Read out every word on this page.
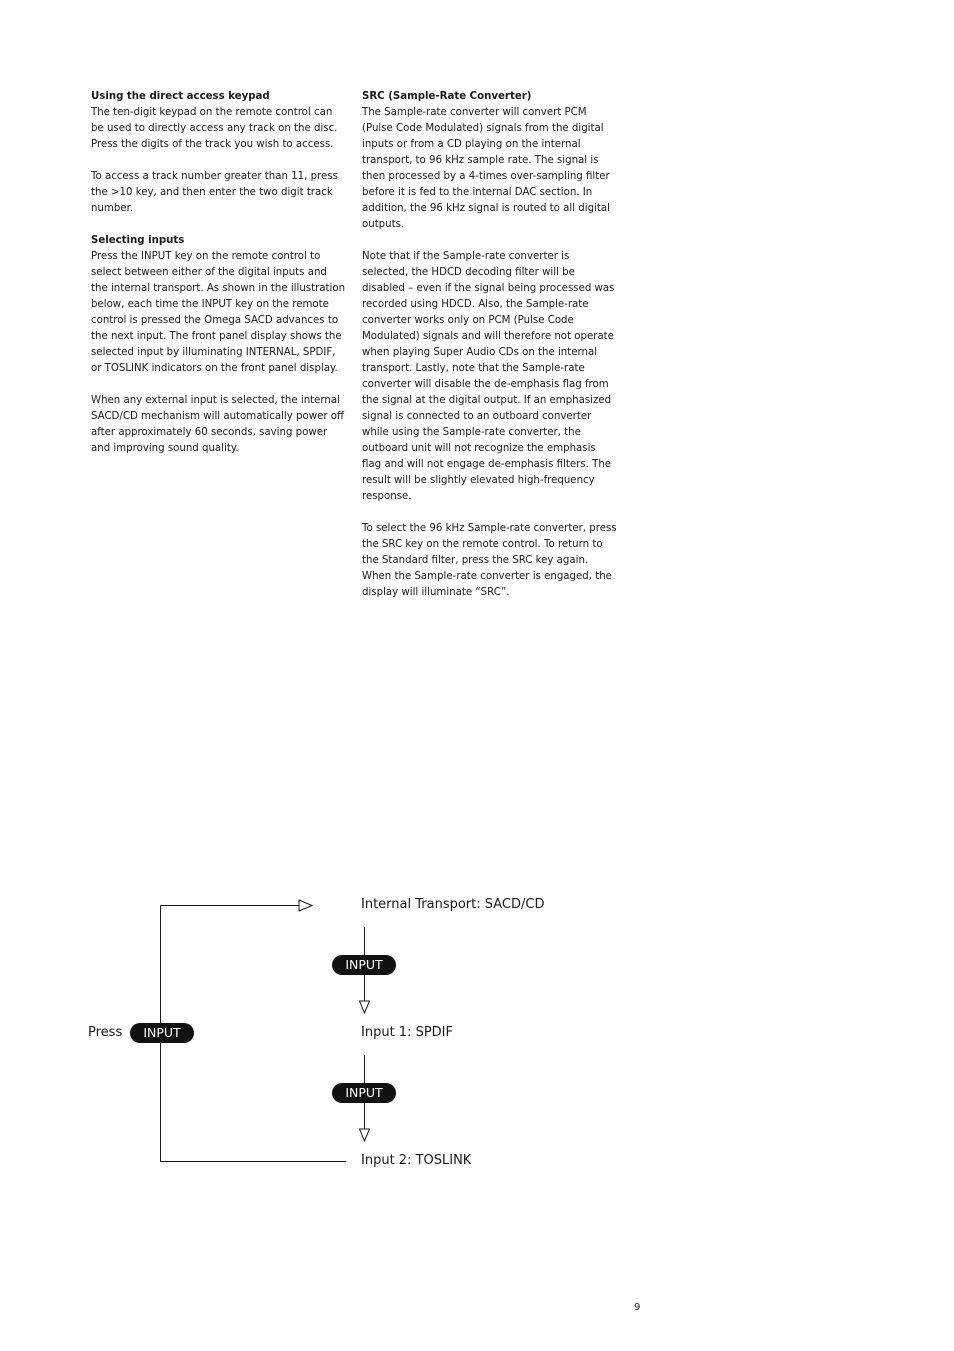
Using the direct access keypad

The ten-digit keypad on the remote control can be used to directly access any track on the disc. Press the digits of the track you wish to access.

To access a track number greater than 11, press the >10 key, and then enter the two digit track number.

Selecting inputs

Press the INPUT key on the remote control to select between either of the digital inputs and the internal transport. As shown in the illustration below, each time the INPUT key on the remote control is pressed the Omega SACD advances to the next input. The front panel display shows the selected input by illuminating INTERNAL, SPDIF, or TOSLINK indicators on the front panel display.

When any external input is selected, the internal SACD/CD mechanism will automatically power off after approximately 60 seconds, saving power and improving sound quality.

SRC (Sample-Rate Converter)

The Sample-rate converter will convert PCM (Pulse Code Modulated) signals from the digital inputs or from a CD playing on the internal transport, to 96 kHz sample rate. The signal is then processed by a 4-times over-sampling filter before it is fed to the internal DAC section. In addition, the 96 kHz signal is routed to all digital outputs.

Note that if the Sample-rate converter is selected, the HDCD decoding filter will be disabled – even if the signal being processed was recorded using HDCD. Also, the Sample-rate converter works only on PCM (Pulse Code Modulated) signals and will therefore not operate when playing Super Audio CDs on the internal transport. Lastly, note that the Sample-rate converter will disable the de-emphasis flag from the signal at the digital output. If an emphasized signal is connected to an outboard converter while using the Sample-rate converter, the outboard unit will not recognize the emphasis flag and will not engage de-emphasis filters. The result will be slightly elevated high-frequency response.

To select the 96 kHz Sample-rate converter, press the SRC key on the remote control. To return to the Standard filter, press the SRC key again. When the Sample-rate converter is engaged, the display will illuminate “SRC”.

Press	INPUT
Internal Transport: SACD/CD
INPUT
Input 1: SPDIF
INPUT
Input 2: TOSLINK
9
